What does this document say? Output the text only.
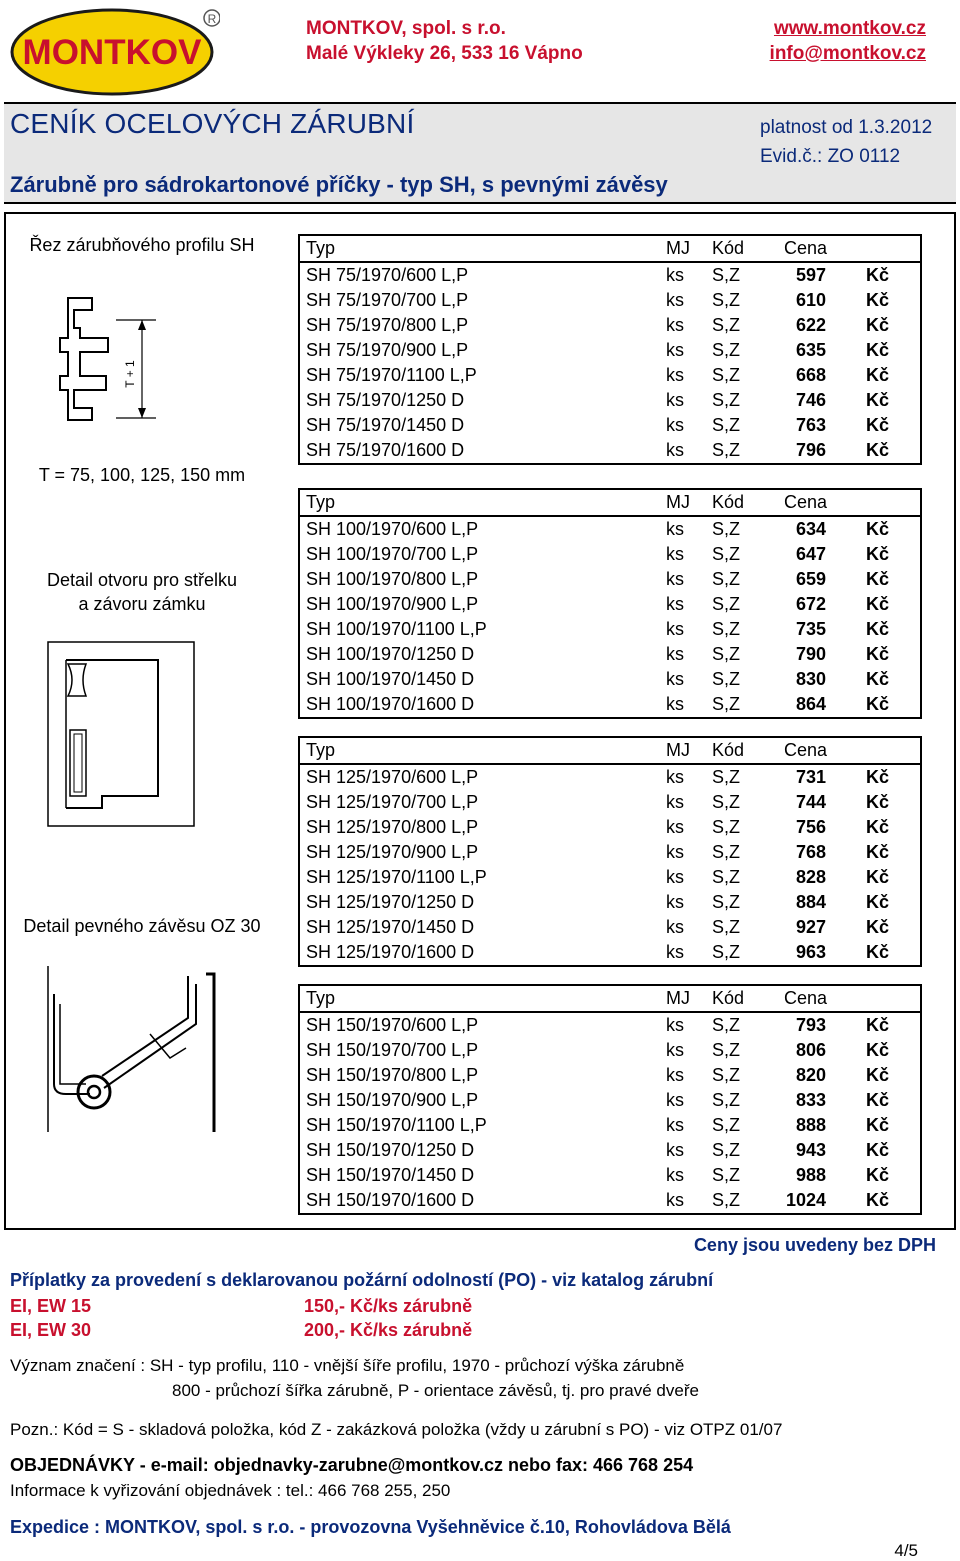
MONTKOV
R	MONTKOV, spol. s r.o.
Malé Výkleky 26, 533 16 Vápno
www.montkov.cz
info@montkov.cz
CENÍK OCELOVÝCH ZÁRUBNÍ	platnost od 1.3.2012
Evid.č.: ZO 0112
Zárubně pro sádrokartonové příčky - typ SH, s pevnými závěsy
Řez zárubňového profilu SH
T + 1
T = 75, 100, 125, 150 mm
Detail otvoru pro střelku
a závoru zámku
Detail pevného závěsu OZ 30
Typ	MJ Kód Cena
SH 75/1970/600 L,P	ks S,Z	597 Kč
SH 75/1970/700 L,P	ks S,Z	610 Kč
SH 75/1970/800 L,P	ks S,Z	622 Kč
SH 75/1970/900 L,P	ks S,Z	635 Kč
SH 75/1970/1100 L,P	ks S,Z	668 Kč
SH 75/1970/1250 D	ks S,Z	746 Kč
SH 75/1970/1450 D	ks S,Z	763 Kč
SH 75/1970/1600 D	ks S,Z	796 Kč
Typ	MJ Kód Cena
SH 100/1970/600 L,P	ks S,Z	634 Kč
SH 100/1970/700 L,P	ks S,Z	647 Kč
SH 100/1970/800 L,P	ks S,Z	659 Kč
SH 100/1970/900 L,P	ks S,Z	672 Kč
SH 100/1970/1100 L,P	ks S,Z	735 Kč
SH 100/1970/1250 D	ks S,Z	790 Kč
SH 100/1970/1450 D	ks S,Z	830 Kč
SH 100/1970/1600 D	ks S,Z	864 Kč
Typ	MJ Kód Cena
SH 125/1970/600 L,P	ks S,Z	731 Kč
SH 125/1970/700 L,P	ks S,Z	744 Kč
SH 125/1970/800 L,P	ks S,Z	756 Kč
SH 125/1970/900 L,P	ks S,Z	768 Kč
SH 125/1970/1100 L,P	ks S,Z	828 Kč
SH 125/1970/1250 D	ks S,Z	884 Kč
SH 125/1970/1450 D	ks S,Z	927 Kč
SH 125/1970/1600 D	ks S,Z	963 Kč
Typ	MJ Kód Cena
SH 150/1970/600 L,P	ks S,Z	793 Kč
SH 150/1970/700 L,P	ks S,Z	806 Kč
SH 150/1970/800 L,P	ks S,Z	820 Kč
SH 150/1970/900 L,P	ks S,Z	833 Kč
SH 150/1970/1100 L,P	ks S,Z	888 Kč
SH 150/1970/1250 D	ks S,Z	943 Kč
SH 150/1970/1450 D	ks S,Z	988 Kč
SH 150/1970/1600 D	ks S,Z	1024 Kč
Ceny jsou uvedeny bez DPH
Příplatky za provedení s deklarovanou požární odolností (PO) - viz katalog zárubní
EI, EW 15	150,- Kč/ks zárubně
EI, EW 30	200,- Kč/ks zárubně
Význam značení : SH - typ profilu, 110 - vnější šíře profilu, 1970 - průchozí výška zárubně
800 - průchozí šířka zárubně, P - orientace závěsů, tj. pro pravé dveře
Pozn.: Kód = S - skladová položka, kód Z - zakázková položka (vždy u zárubní s PO) - viz OTPZ 01/07
OBJEDNÁVKY - e-mail: objednavky-zarubne@montkov.cz nebo fax: 466 768 254
Informace k vyřizování objednávek : tel.: 466 768 255, 250
Expedice : MONTKOV, spol. s r.o. - provozovna Vyšehněvice č.10, Rohovládova Bělá
4/5
